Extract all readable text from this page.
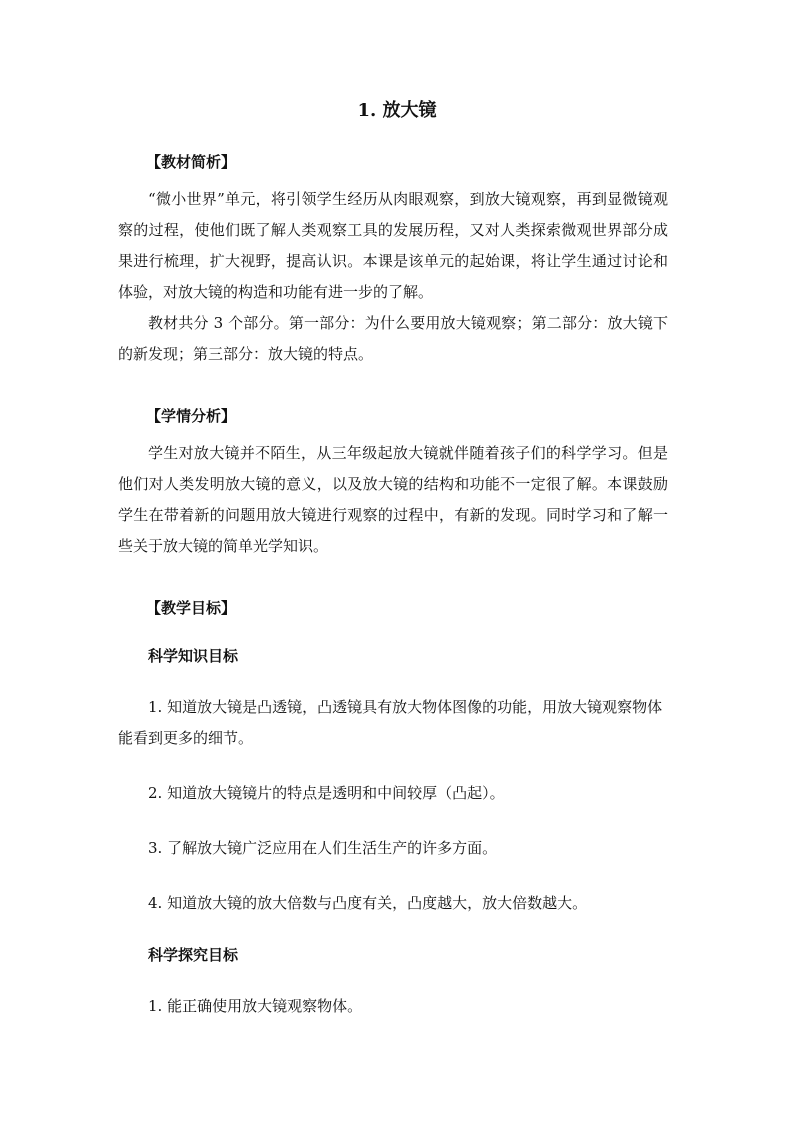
1. 放大镜
【教材简析】

“微小世界”单元，将引领学生经历从肉眼观察，到放大镜观察，再到显微镜观察的过程，使他们既了解人类观察工具的发展历程，又对人类探索微观世界部分成果进行梳理，扩大视野，提高认识。本课是该单元的起始课，将让学生通过讨论和体验，对放大镜的构造和功能有进一步的了解。

教材共分 3 个部分。第一部分：为什么要用放大镜观察；第二部分：放大镜下的新发现；第三部分：放大镜的特点。

【学情分析】

学生对放大镜并不陌生，从三年级起放大镜就伴随着孩子们的科学学习。但是他们对人类发明放大镜的意义，以及放大镜的结构和功能不一定很了解。本课鼓励学生在带着新的问题用放大镜进行观察的过程中，有新的发现。同时学习和了解一些关于放大镜的简单光学知识。

【教学目标】
科学知识目标

1. 知道放大镜是凸透镜，凸透镜具有放大物体图像的功能，用放大镜观察物体能看到更多的细节。

2. 知道放大镜镜片的特点是透明和中间较厚（凸起）。

3. 了解放大镜广泛应用在人们生活生产的许多方面。

4. 知道放大镜的放大倍数与凸度有关，凸度越大，放大倍数越大。

科学探究目标

1. 能正确使用放大镜观察物体。
